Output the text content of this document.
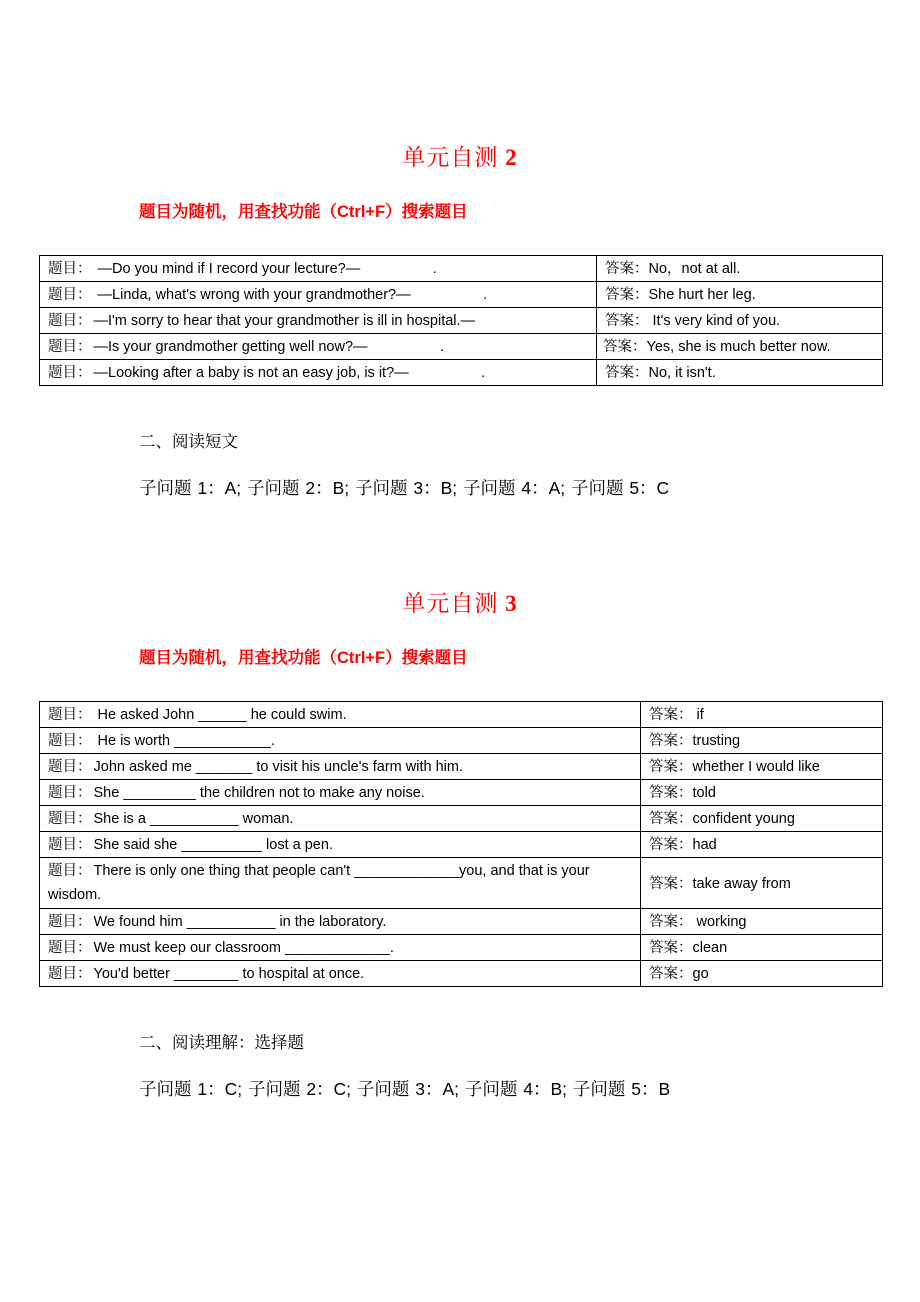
单元自测 2
题目为随机，用查找功能（Ctrl+F）搜索题目
题目： —Do you mind if I record your lecture?—                  .	答案：No，not at all.
题目： —Linda, what's wrong with your grandmother?—                  .	答案：She hurt her leg.
题目： —I'm sorry to hear that your grandmother is ill in hospital.—	答案： It's very kind of you.
题目： —Is your grandmother getting well now?—                  .	答案：Yes, she is much better now.
题目： —Looking after a baby is not an easy job, is it?—                  .	答案：No, it isn't.
二、阅读短文
子问题 1：A; 子问题 2：B; 子问题 3：B; 子问题 4：A; 子问题 5：C
单元自测 3
题目为随机，用查找功能（Ctrl+F）搜索题目
题目： He asked John ______ he could swim.	答案： if
题目： He is worth ____________.	答案：trusting
题目： John asked me _______ to visit his uncle's farm with him.	答案：whether I would like
题目： She _________ the children not to make any noise.	答案：told
题目： She is a ___________ woman.	答案：confident young
题目： She said she __________ lost a pen.	答案：had
题目： There is only one thing that people can't _____________you, and that is your wisdom.	答案：take away from
题目： We found him ___________ in the laboratory.	答案： working
题目： We must keep our classroom _____________.	答案：clean
题目： You'd better ________ to hospital at once.	答案：go
二、阅读理解：选择题
子问题 1：C; 子问题 2：C; 子问题 3：A; 子问题 4：B; 子问题 5：B
